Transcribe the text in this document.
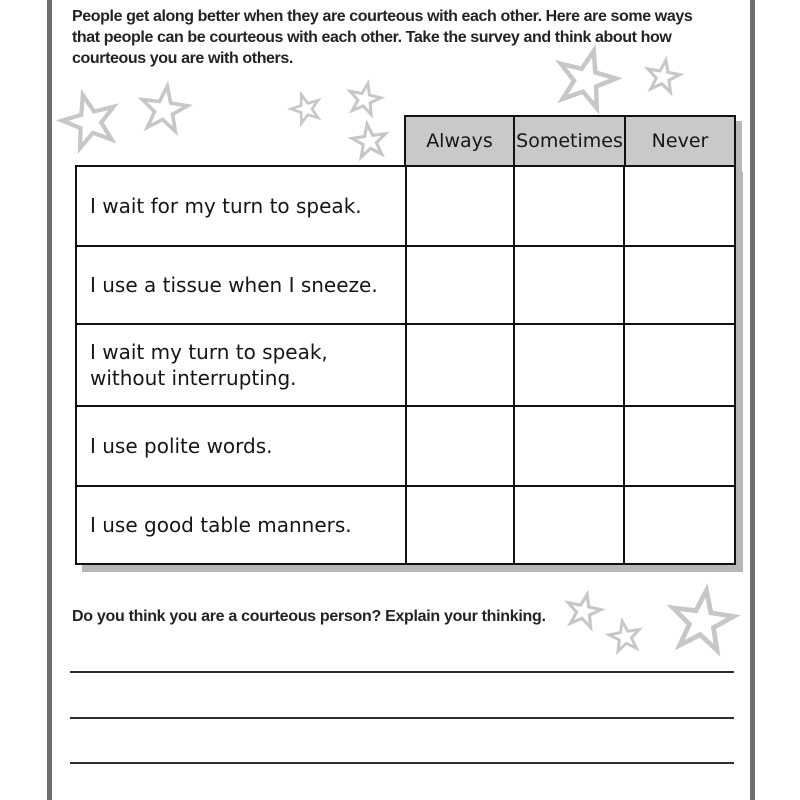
People get along better when they are courteous with each other. Here are some ways
that people can be courteous with each other. Take the survey and think about how
courteous you are with others.
Always	Sometimes	Never
I wait for my turn to speak.
I use a tissue when I sneeze.
I wait my turn to speak,
without interrupting.
I use polite words.
I use good table manners.
Do you think you are a courteous person? Explain your thinking.
